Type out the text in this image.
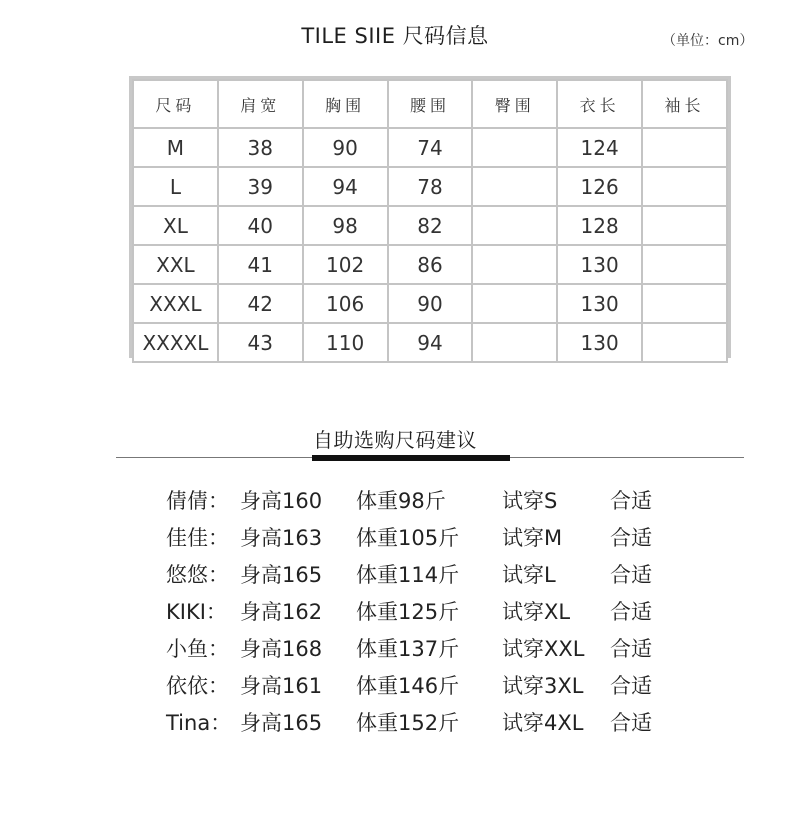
TILE SIIE 尺码信息	（单位：cm）
尺码	肩宽	胸围	腰围	臀围	衣长	袖长
M	38	90	74		124	
L	39	94	78		126	
XL	40	98	82		128	
XXL	41	102	86		130	
XXXL	42	106	90		130	
XXXXL	43	110	94		130	
自助选购尺码建议
倩倩： 身高160 体重98斤	试穿S	合适
佳佳： 身高163 体重105斤 试穿M 合适
悠悠： 身高165 体重114斤 试穿L	合适
KIKI： 身高162 体重125斤 试穿XL 合适
小鱼： 身高168 体重137斤 试穿XXL 合适
依依： 身高161 体重146斤 试穿3XL 合适
Tina： 身高165 体重152斤 试穿4XL 合适
